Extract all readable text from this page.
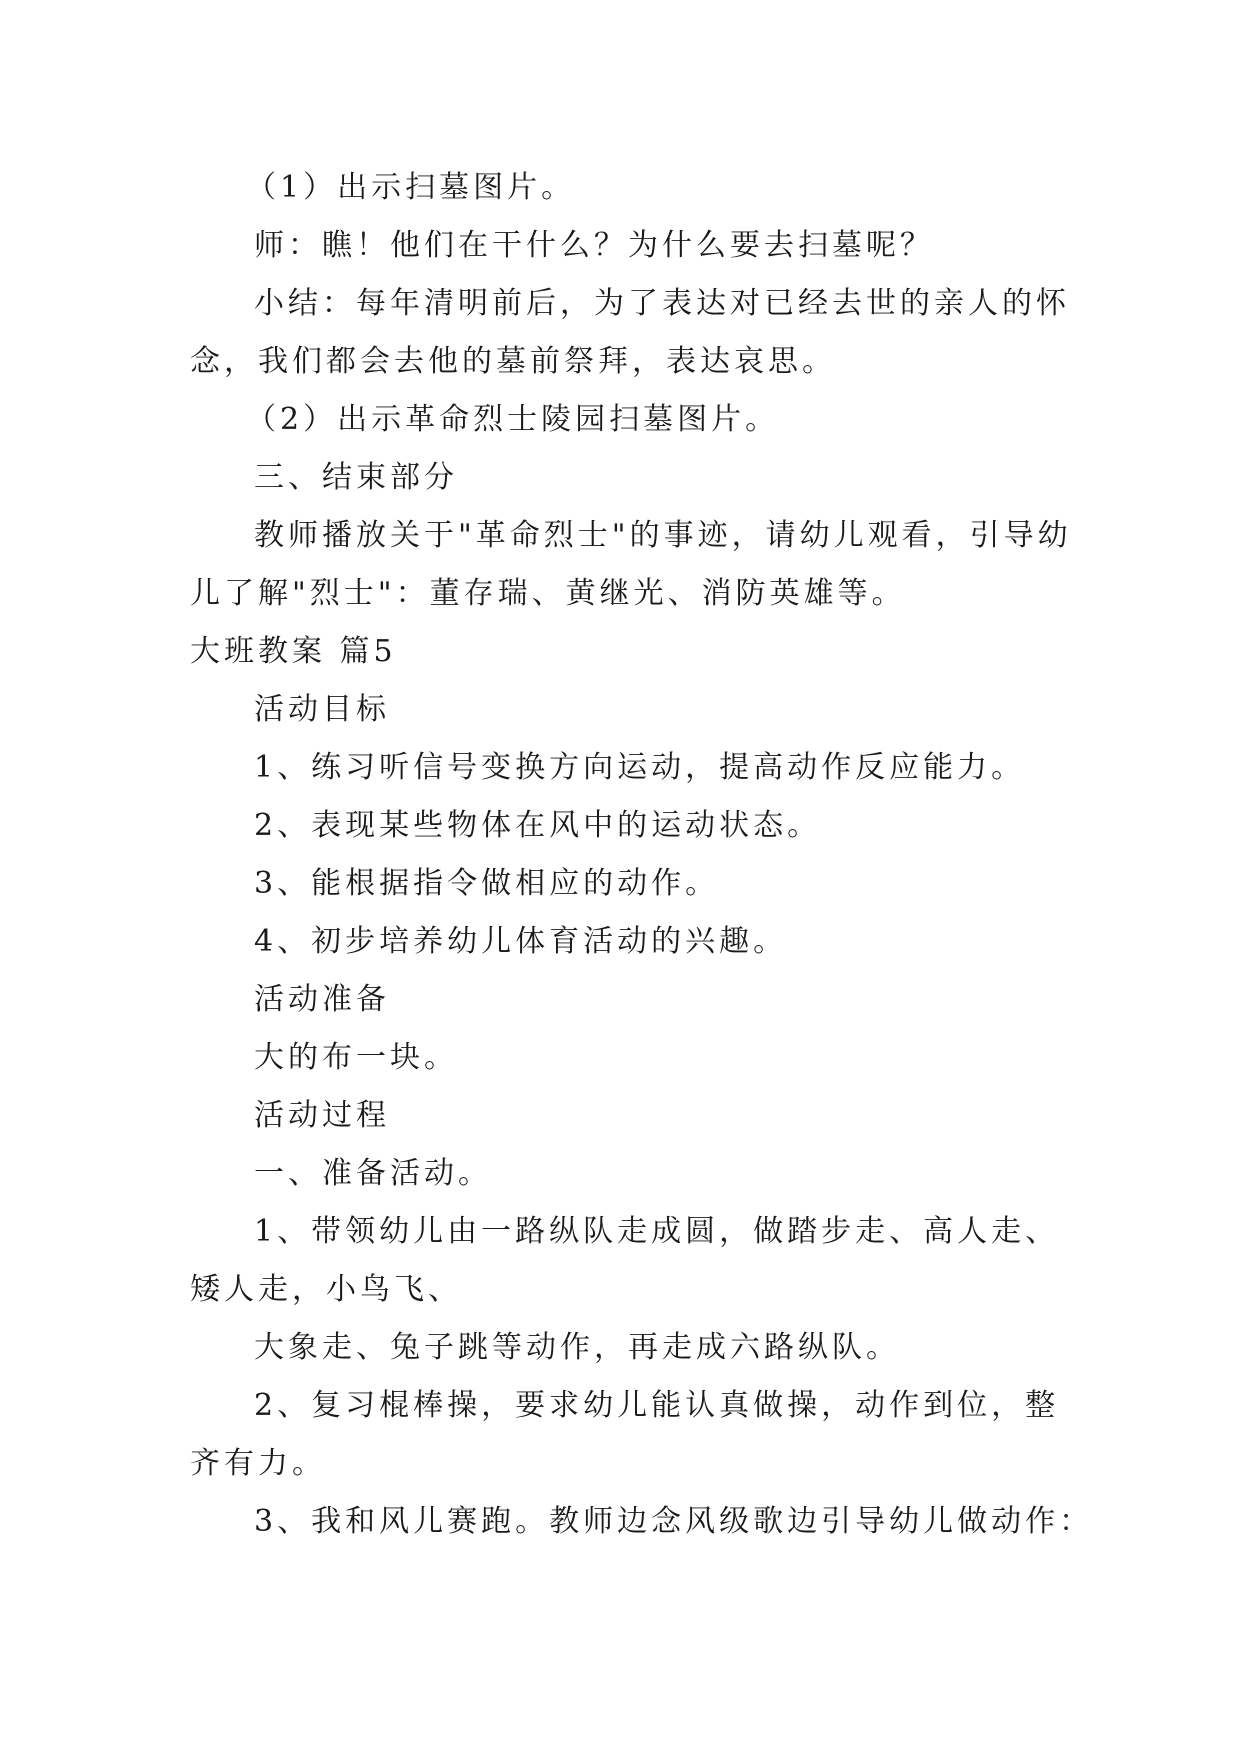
（1）出示扫墓图片。
师：瞧！他们在干什么？为什么要去扫墓呢？
小结：每年清明前后，为了表达对已经去世的亲人的怀
念，我们都会去他的墓前祭拜，表达哀思。
（2）出示革命烈士陵园扫墓图片。
三、结束部分
教师播放关于"革命烈士"的事迹，请幼儿观看，引导幼
儿了解"烈士"：董存瑞、黄继光、消防英雄等。
大班教案 篇5
活动目标
1、练习听信号变换方向运动，提高动作反应能力。
2、表现某些物体在风中的运动状态。
3、能根据指令做相应的动作。
4、初步培养幼儿体育活动的兴趣。
活动准备
大的布一块。
活动过程
一、准备活动。
1、带领幼儿由一路纵队走成圆，做踏步走、高人走、
矮人走，小鸟飞、
大象走、兔子跳等动作，再走成六路纵队。
2、复习棍棒操，要求幼儿能认真做操，动作到位，整
齐有力。
3、我和风儿赛跑。教师边念风级歌边引导幼儿做动作：
